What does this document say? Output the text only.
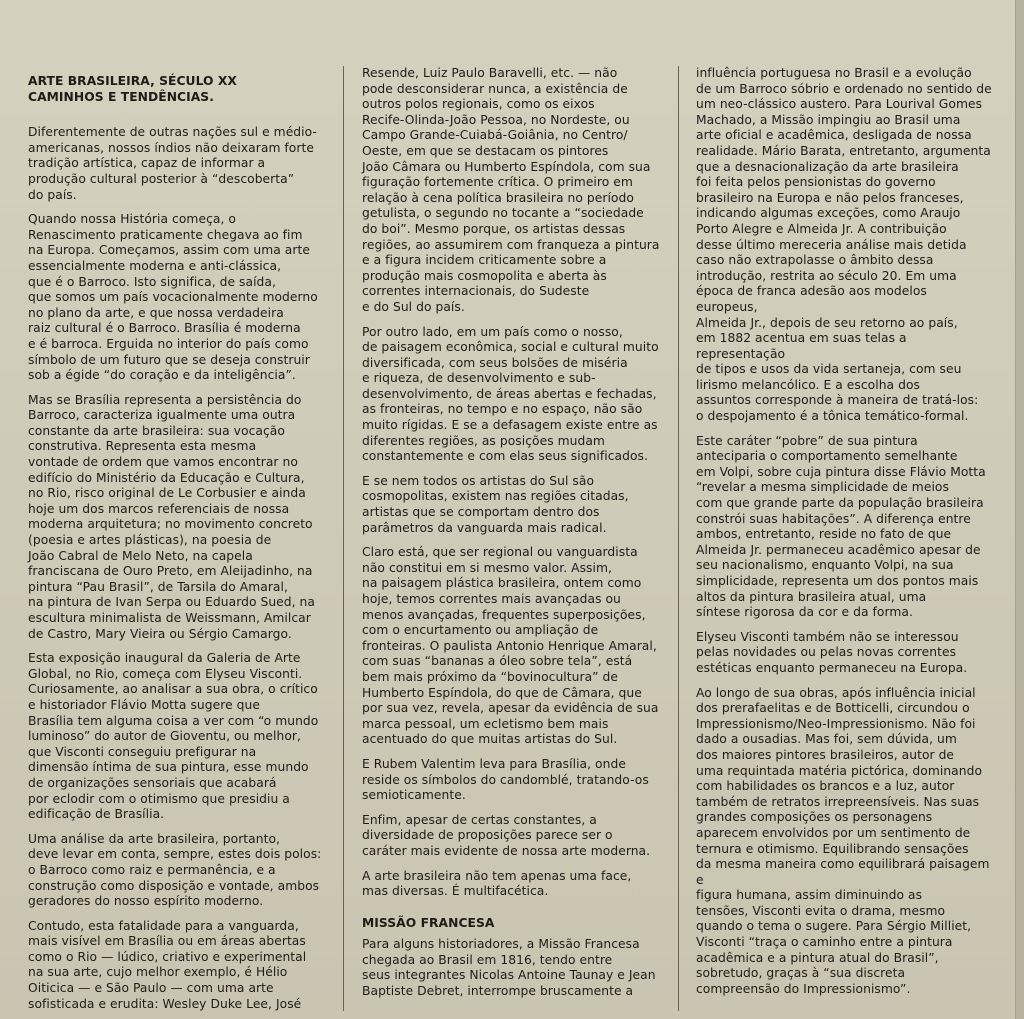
ARTE BRASILEIRA, SÉCULO XX
CAMINHOS E TENDÊNCIAS.

Diferentemente de outras nações sul e médio-
americanas, nossos índios não deixaram forte
tradição artística, capaz de informar a
produção cultural posterior à “descoberta”
do país.

Quando nossa História começa, o
Renascimento praticamente chegava ao fim
na Europa. Começamos, assim com uma arte
essencialmente moderna e anti-clássica,
que é o Barroco. Isto significa, de saída,
que somos um país vocacionalmente moderno
no plano da arte, e que nossa verdadeira
raiz cultural é o Barroco. Brasília é moderna
e é barroca. Erguida no interior do país como
símbolo de um futuro que se deseja construir
sob a égide “do coração e da inteligência”.

Mas se Brasília representa a persistência do
Barroco, caracteriza igualmente uma outra
constante da arte brasileira: sua vocação
construtiva. Representa esta mesma
vontade de ordem que vamos encontrar no
edifício do Ministério da Educação e Cultura,
no Rio, risco original de Le Corbusier e ainda
hoje um dos marcos referenciais de nossa
moderna arquitetura; no movimento concreto
(poesia e artes plásticas), na poesia de
João Cabral de Melo Neto, na capela
franciscana de Ouro Preto, em Aleijadinho, na
pintura “Pau Brasil”, de Tarsila do Amaral,
na pintura de Ivan Serpa ou Eduardo Sued, na
escultura minimalista de Weissmann, Amilcar
de Castro, Mary Vieira ou Sérgio Camargo.

Esta exposição inaugural da Galeria de Arte
Global, no Rio, começa com Elyseu Visconti.
Curiosamente, ao analisar a sua obra, o crítico
e historiador Flávio Motta sugere que
Brasília tem alguma coisa a ver com “o mundo
luminoso” do autor de Gioventu, ou melhor,
que Visconti conseguiu prefigurar na
dimensão íntima de sua pintura, esse mundo
de organizações sensoriais que acabará
por eclodir com o otimismo que presidiu a
edificação de Brasília.

Uma análise da arte brasileira, portanto,
deve levar em conta, sempre, estes dois polos:
o Barroco como raiz e permanência, e a
construção como disposição e vontade, ambos
geradores do nosso espírito moderno.

Contudo, esta fatalidade para a vanguarda,
mais visível em Brasília ou em áreas abertas
como o Rio — lúdico, criativo e experimental
na sua arte, cujo melhor exemplo, é Hélio
Oiticica — e São Paulo — com uma arte
sofisticada e erudita: Wesley Duke Lee, José

Resende, Luiz Paulo Baravelli, etc. — não
pode desconsiderar nunca, a existência de
outros polos regionais, como os eixos
Recife-Olinda-João Pessoa, no Nordeste, ou
Campo Grande-Cuiabá-Goiânia, no Centro/
Oeste, em que se destacam os pintores
João Câmara ou Humberto Espíndola, com sua
figuração fortemente crítica. O primeiro em
relação à cena política brasileira no período
getulista, o segundo no tocante a “sociedade
do boi”. Mesmo porque, os artistas dessas
regiões, ao assumirem com franqueza a pintura
e a figura incidem criticamente sobre a
produção mais cosmopolita e aberta às
correntes internacionais, do Sudeste
e do Sul do país.

Por outro lado, em um país como o nosso,
de paisagem econômica, social e cultural muito
diversificada, com seus bolsões de miséria
e riqueza, de desenvolvimento e sub-
desenvolvimento, de áreas abertas e fechadas,
as fronteiras, no tempo e no espaço, não são
muito rígidas. E se a defasagem existe entre as
diferentes regiões, as posições mudam
constantemente e com elas seus significados.

E se nem todos os artistas do Sul são
cosmopolitas, existem nas regiões citadas,
artistas que se comportam dentro dos
parâmetros da vanguarda mais radical.

Claro está, que ser regional ou vanguardista
não constitui em si mesmo valor. Assim,
na paisagem plástica brasileira, ontem como
hoje, temos correntes mais avançadas ou
menos avançadas, frequentes superposições,
com o encurtamento ou ampliação de
fronteiras. O paulista Antonio Henrique Amaral,
com suas “bananas a óleo sobre tela”, está
bem mais próximo da “bovinocultura” de
Humberto Espíndola, do que de Câmara, que
por sua vez, revela, apesar da evidência de sua
marca pessoal, um ecletismo bem mais
acentuado do que muitas artistas do Sul.

E Rubem Valentim leva para Brasília, onde
reside os símbolos do candomblé, tratando-os
semioticamente.

Enfim, apesar de certas constantes, a
diversidade de proposições parece ser o
caráter mais evidente de nossa arte moderna.

A arte brasileira não tem apenas uma face,
mas diversas. É multifacética.

MISSÃO FRANCESA

Para alguns historiadores, a Missão Francesa
chegada ao Brasil em 1816, tendo entre
seus integrantes Nicolas Antoine Taunay e Jean
Baptiste Debret, interrompe bruscamente a

influência portuguesa no Brasil e a evolução
de um Barroco sóbrio e ordenado no sentido de
um neo-clássico austero. Para Lourival Gomes
Machado, a Missão impingiu ao Brasil uma
arte oficial e acadêmica, desligada de nossa
realidade. Mário Barata, entretanto, argumenta
que a desnacionalização da arte brasileira
foi feita pelos pensionistas do governo
brasileiro na Europa e não pelos franceses,
indicando algumas exceções, como Araujo
Porto Alegre e Almeida Jr. A contribuição
desse último mereceria análise mais detida
caso não extrapolasse o âmbito dessa
introdução, restrita ao século 20. Em uma
época de franca adesão aos modelos europeus,
Almeida Jr., depois de seu retorno ao país,
em 1882 acentua em suas telas a representação
de tipos e usos da vida sertaneja, com seu
lirismo melancólico. E a escolha dos
assuntos corresponde à maneira de tratá-los:
o despojamento é a tônica temático-formal.

Este caráter “pobre” de sua pintura
anteciparia o comportamento semelhante
em Volpi, sobre cuja pintura disse Flávio Motta
“revelar a mesma simplicidade de meios
com que grande parte da população brasileira
constrói suas habitações”. A diferença entre
ambos, entretanto, reside no fato de que
Almeida Jr. permaneceu acadêmico apesar de
seu nacionalismo, enquanto Volpi, na sua
simplicidade, representa um dos pontos mais
altos da pintura brasileira atual, uma
síntese rigorosa da cor e da forma.

Elyseu Visconti também não se interessou
pelas novidades ou pelas novas correntes
estéticas enquanto permaneceu na Europa.

Ao longo de sua obras, após influência inicial
dos prerafaelitas e de Botticelli, circundou o
Impressionismo/Neo-Impressionismo. Não foi
dado a ousadias. Mas foi, sem dúvida, um
dos maiores pintores brasileiros, autor de
uma requintada matéria pictórica, dominando
com habilidades os brancos e a luz, autor
também de retratos irrepreensíveis. Nas suas
grandes composições os personagens
aparecem envolvidos por um sentimento de
ternura e otimismo. Equilibrando sensações
da mesma maneira como equilibrará paisagem e
figura humana, assim diminuindo as
tensões, Visconti evita o drama, mesmo
quando o tema o sugere. Para Sérgio Milliet,
Visconti “traça o caminho entre a pintura
acadêmica e a pintura atual do Brasil”,
sobretudo, graças à “sua discreta
compreensão do Impressionismo”.
